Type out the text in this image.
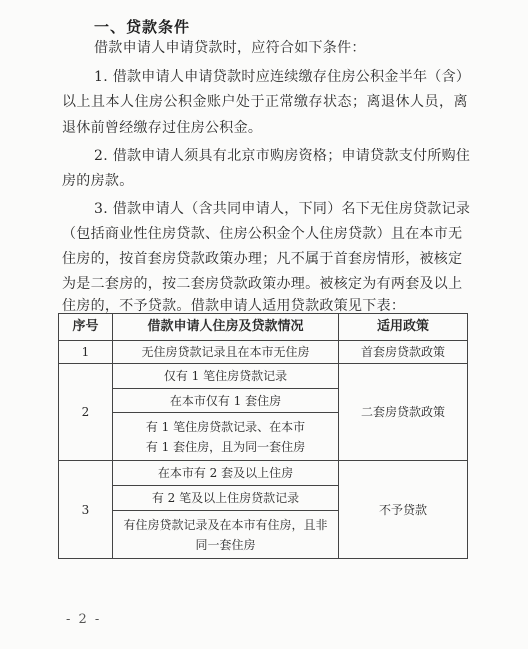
一、贷款条件
借款申请人申请贷款时，应符合如下条件：
1. 借款申请人申请贷款时应连续缴存住房公积金半年（含）
以上且本人住房公积金账户处于正常缴存状态；离退休人员，离
退休前曾经缴存过住房公积金。
2. 借款申请人须具有北京市购房资格；申请贷款支付所购住
房的房款。
3. 借款申请人（含共同申请人，下同）名下无住房贷款记录
（包括商业性住房贷款、住房公积金个人住房贷款）且在本市无
住房的，按首套房贷款政策办理；凡不属于首套房情形，被核定
为是二套房的，按二套房贷款政策办理。被核定为有两套及以上
住房的，不予贷款。借款申请人适用贷款政策见下表：
序号	借款申请人住房及贷款情况	适用政策
1	无住房贷款记录且在本市无住房	首套房贷款政策
2	仅有 1 笔住房贷款记录	二套房贷款政策
	在本市仅有 1 套住房	

	有 1 笔住房贷款记录、在本市
有 1 套住房，且为同一套住房	

3	在本市有 2 套及以上住房	不予贷款
	有 2 笔及以上住房贷款记录	

	有住房贷款记录及在本市有住房，且非
同一套住房	
- 2 -
